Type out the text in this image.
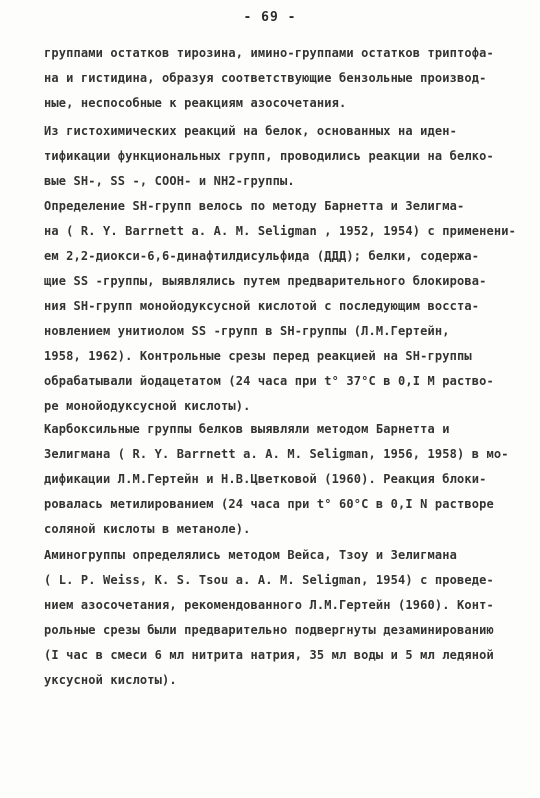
- 69 -
группами остатков тирозина, имино-группами остатков триптофа-
на и гистидина, образуя соответствующие бензольные производ-
ные, неспособные к реакциям азосочетания.
Из гистохимических реакций на белок, основанных на иден-
тификации функциональных групп, проводились реакции на белко-
вые SH-, SS -, СООН- и NH2-группы.
Определение SH-групп велось по методу Барнетта и Зелигма-
на ( R. Y. Barrnett a. A. M. Seligman , 1952, 1954) с применени-
ем 2,2-диокси-6,6-динафтилдисульфида (ДДД); белки, содержа-
щие SS -группы, выявлялись путем предварительного блокирова-
ния SH-групп монойодуксусной кислотой с последующим восста-
новлением унитиолом SS -групп в SH-группы (Л.М.Гертейн,
1958, 1962). Контрольные срезы перед реакцией на SH-группы
обрабатывали йодацетатом (24 часа при t° 37°С в 0,I М раство-
ре монойодуксусной кислоты).
Карбоксильные группы белков выявляли методом Барнетта и
Зелигмана ( R. Y. Barrnett a. A. M. Seligman, 1956, 1958) в мо-
дификации Л.М.Гертейн и Н.В.Цветковой (1960). Реакция блоки-
ровалась метилированием (24 часа при t° 60°С в 0,I N растворе
соляной кислоты в метаноле).
Аминогруппы определялись методом Вейса, Тзоу и Зелигмана
( L. P. Weiss, K. S. Tsou a. A. M. Seligman, 1954) с проведе-
нием азосочетания, рекомендованного Л.М.Гертейн (1960). Конт-
рольные срезы были предварительно подвергнуты дезаминированию
(I час в смеси 6 мл нитрита натрия, 35 мл воды и 5 мл ледяной
уксусной кислоты).
